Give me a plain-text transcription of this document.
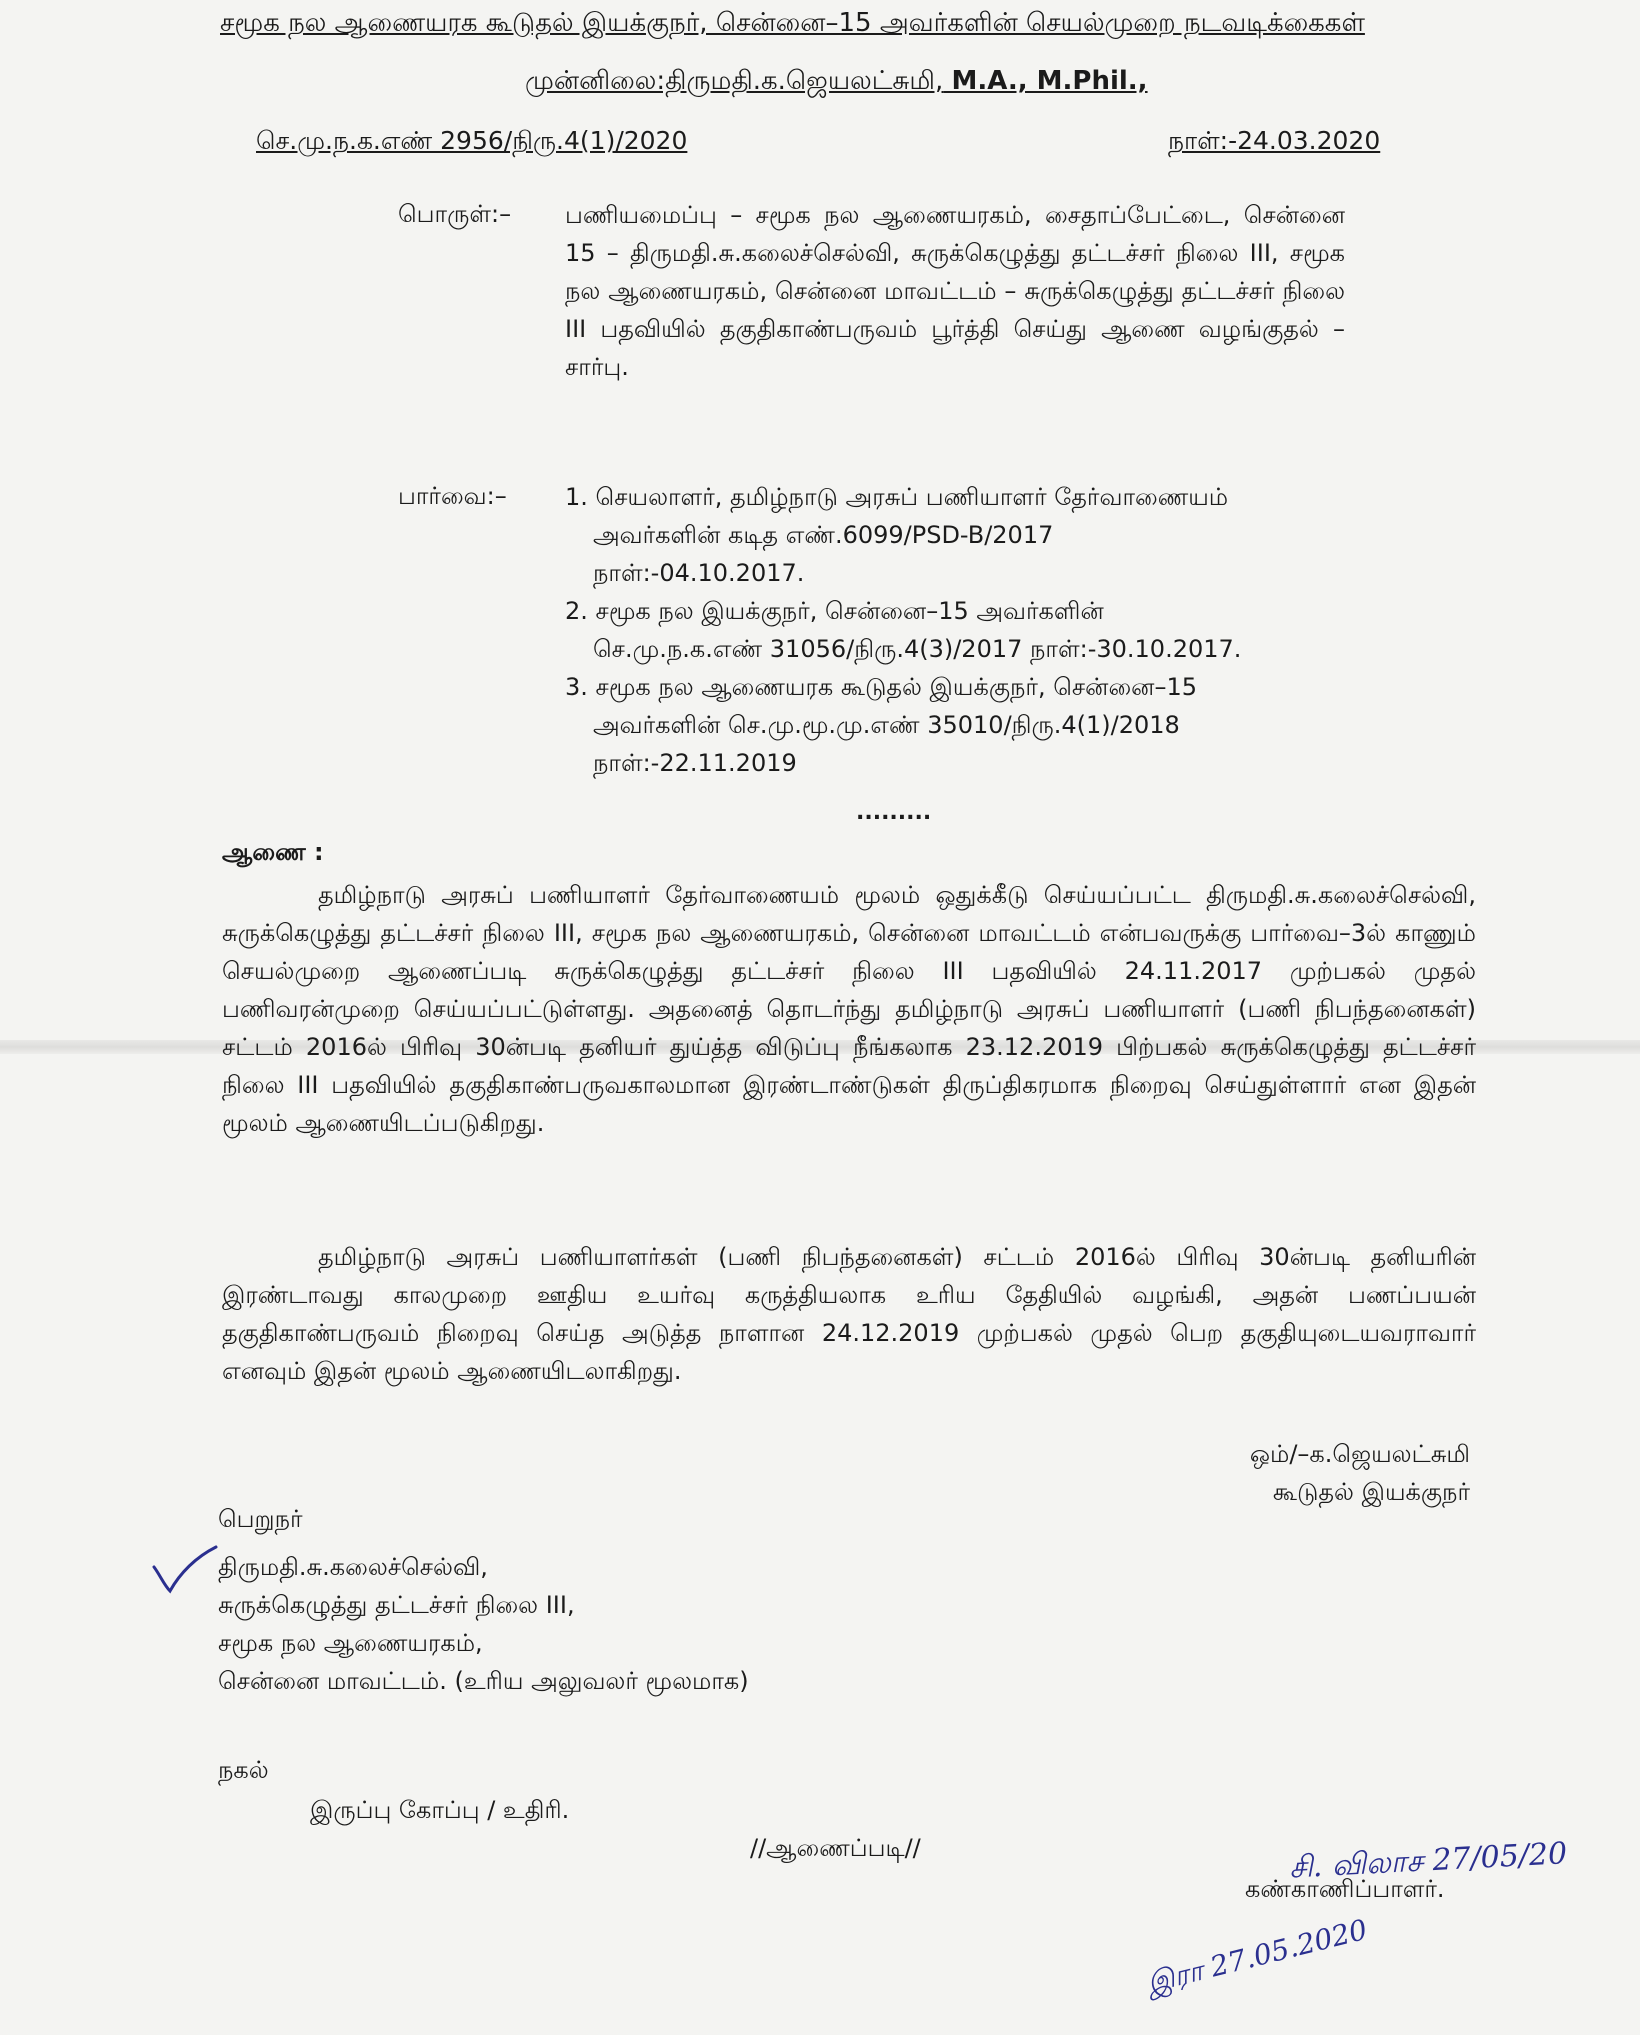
சமூக நல ஆணையரக கூடுதல் இயக்குநர், சென்னை–15 அவர்களின் செயல்முறை நடவடிக்கைகள்
முன்னிலை:திருமதி.க.ஜெயலட்சுமி, M.A., M.Phil.,
செ.மு.ந.க.எண் 2956/நிரு.4(1)/2020	நாள்:-24.03.2020
பொருள்:– பணியமைப்பு – சமூக நல ஆணையரகம், சைதாப்பேட்டை, சென்னை 15 – திருமதி.சு.கலைச்செல்வி, சுருக்கெழுத்து தட்டச்சர் நிலை III, சமூக நல ஆணையரகம், சென்னை மாவட்டம் – சுருக்கெழுத்து தட்டச்சர் நிலை III பதவியில் தகுதிகாண்பருவம் பூர்த்தி செய்து ஆணை வழங்குதல் – சார்பு.
பார்வை:– 1. செயலாளர், தமிழ்நாடு அரசுப் பணியாளர் தேர்வாணையம்
அவர்களின் கடித எண்.6099/PSD-B/2017
நாள்:-04.10.2017.
2. சமூக நல இயக்குநர், சென்னை–15 அவர்களின்
செ.மு.ந.க.எண் 31056/நிரு.4(3)/2017 நாள்:-30.10.2017.
3. சமூக நல ஆணையரக கூடுதல் இயக்குநர், சென்னை–15
அவர்களின் செ.மு.மூ.மு.எண் 35010/நிரு.4(1)/2018
நாள்:-22.11.2019
.........
ஆணை :
தமிழ்நாடு அரசுப் பணியாளர் தேர்வாணையம் மூலம் ஒதுக்கீடு செய்யப்பட்ட திருமதி.சு.கலைச்செல்வி, சுருக்கெழுத்து தட்டச்சர் நிலை III, சமூக நல ஆணையரகம், சென்னை மாவட்டம் என்பவருக்கு பார்வை–3ல் காணும் செயல்முறை ஆணைப்படி சுருக்கெழுத்து தட்டச்சர் நிலை III பதவியில் 24.11.2017 முற்பகல் முதல் பணிவரன்முறை செய்யப்பட்டுள்ளது. அதனைத் தொடர்ந்து தமிழ்நாடு அரசுப் பணியாளர் (பணி நிபந்தனைகள்) சட்டம் 2016ல் பிரிவு 30ன்படி தனியர் துய்த்த விடுப்பு நீங்கலாக 23.12.2019 பிற்பகல் சுருக்கெழுத்து தட்டச்சர் நிலை III பதவியில் தகுதிகாண்பருவகாலமான இரண்டாண்டுகள் திருப்திகரமாக நிறைவு செய்துள்ளார் என இதன் மூலம் ஆணையிடப்படுகிறது.
தமிழ்நாடு அரசுப் பணியாளர்கள் (பணி நிபந்தனைகள்) சட்டம் 2016ல் பிரிவு 30ன்படி தனியரின் இரண்டாவது காலமுறை ஊதிய உயர்வு கருத்தியலாக உரிய தேதியில் வழங்கி, அதன் பணப்பயன் தகுதிகாண்பருவம் நிறைவு செய்த அடுத்த நாளான 24.12.2019 முற்பகல் முதல் பெற தகுதியுடையவராவார் எனவும் இதன் மூலம் ஆணையிடலாகிறது.
ஒம்/–க.ஜெயலட்சுமி
கூடுதல் இயக்குநர்
பெறுநர்
திருமதி.சு.கலைச்செல்வி,
சுருக்கெழுத்து தட்டச்சர் நிலை III,
சமூக நல ஆணையரகம்,
சென்னை மாவட்டம். (உரிய அலுவலர் மூலமாக)
நகல்
இருப்பு கோப்பு / உதிரி.
//ஆணைப்படி//	சி. விலாச 27/05/20
கண்காணிப்பாளர்.
இரா 27.05.2020
